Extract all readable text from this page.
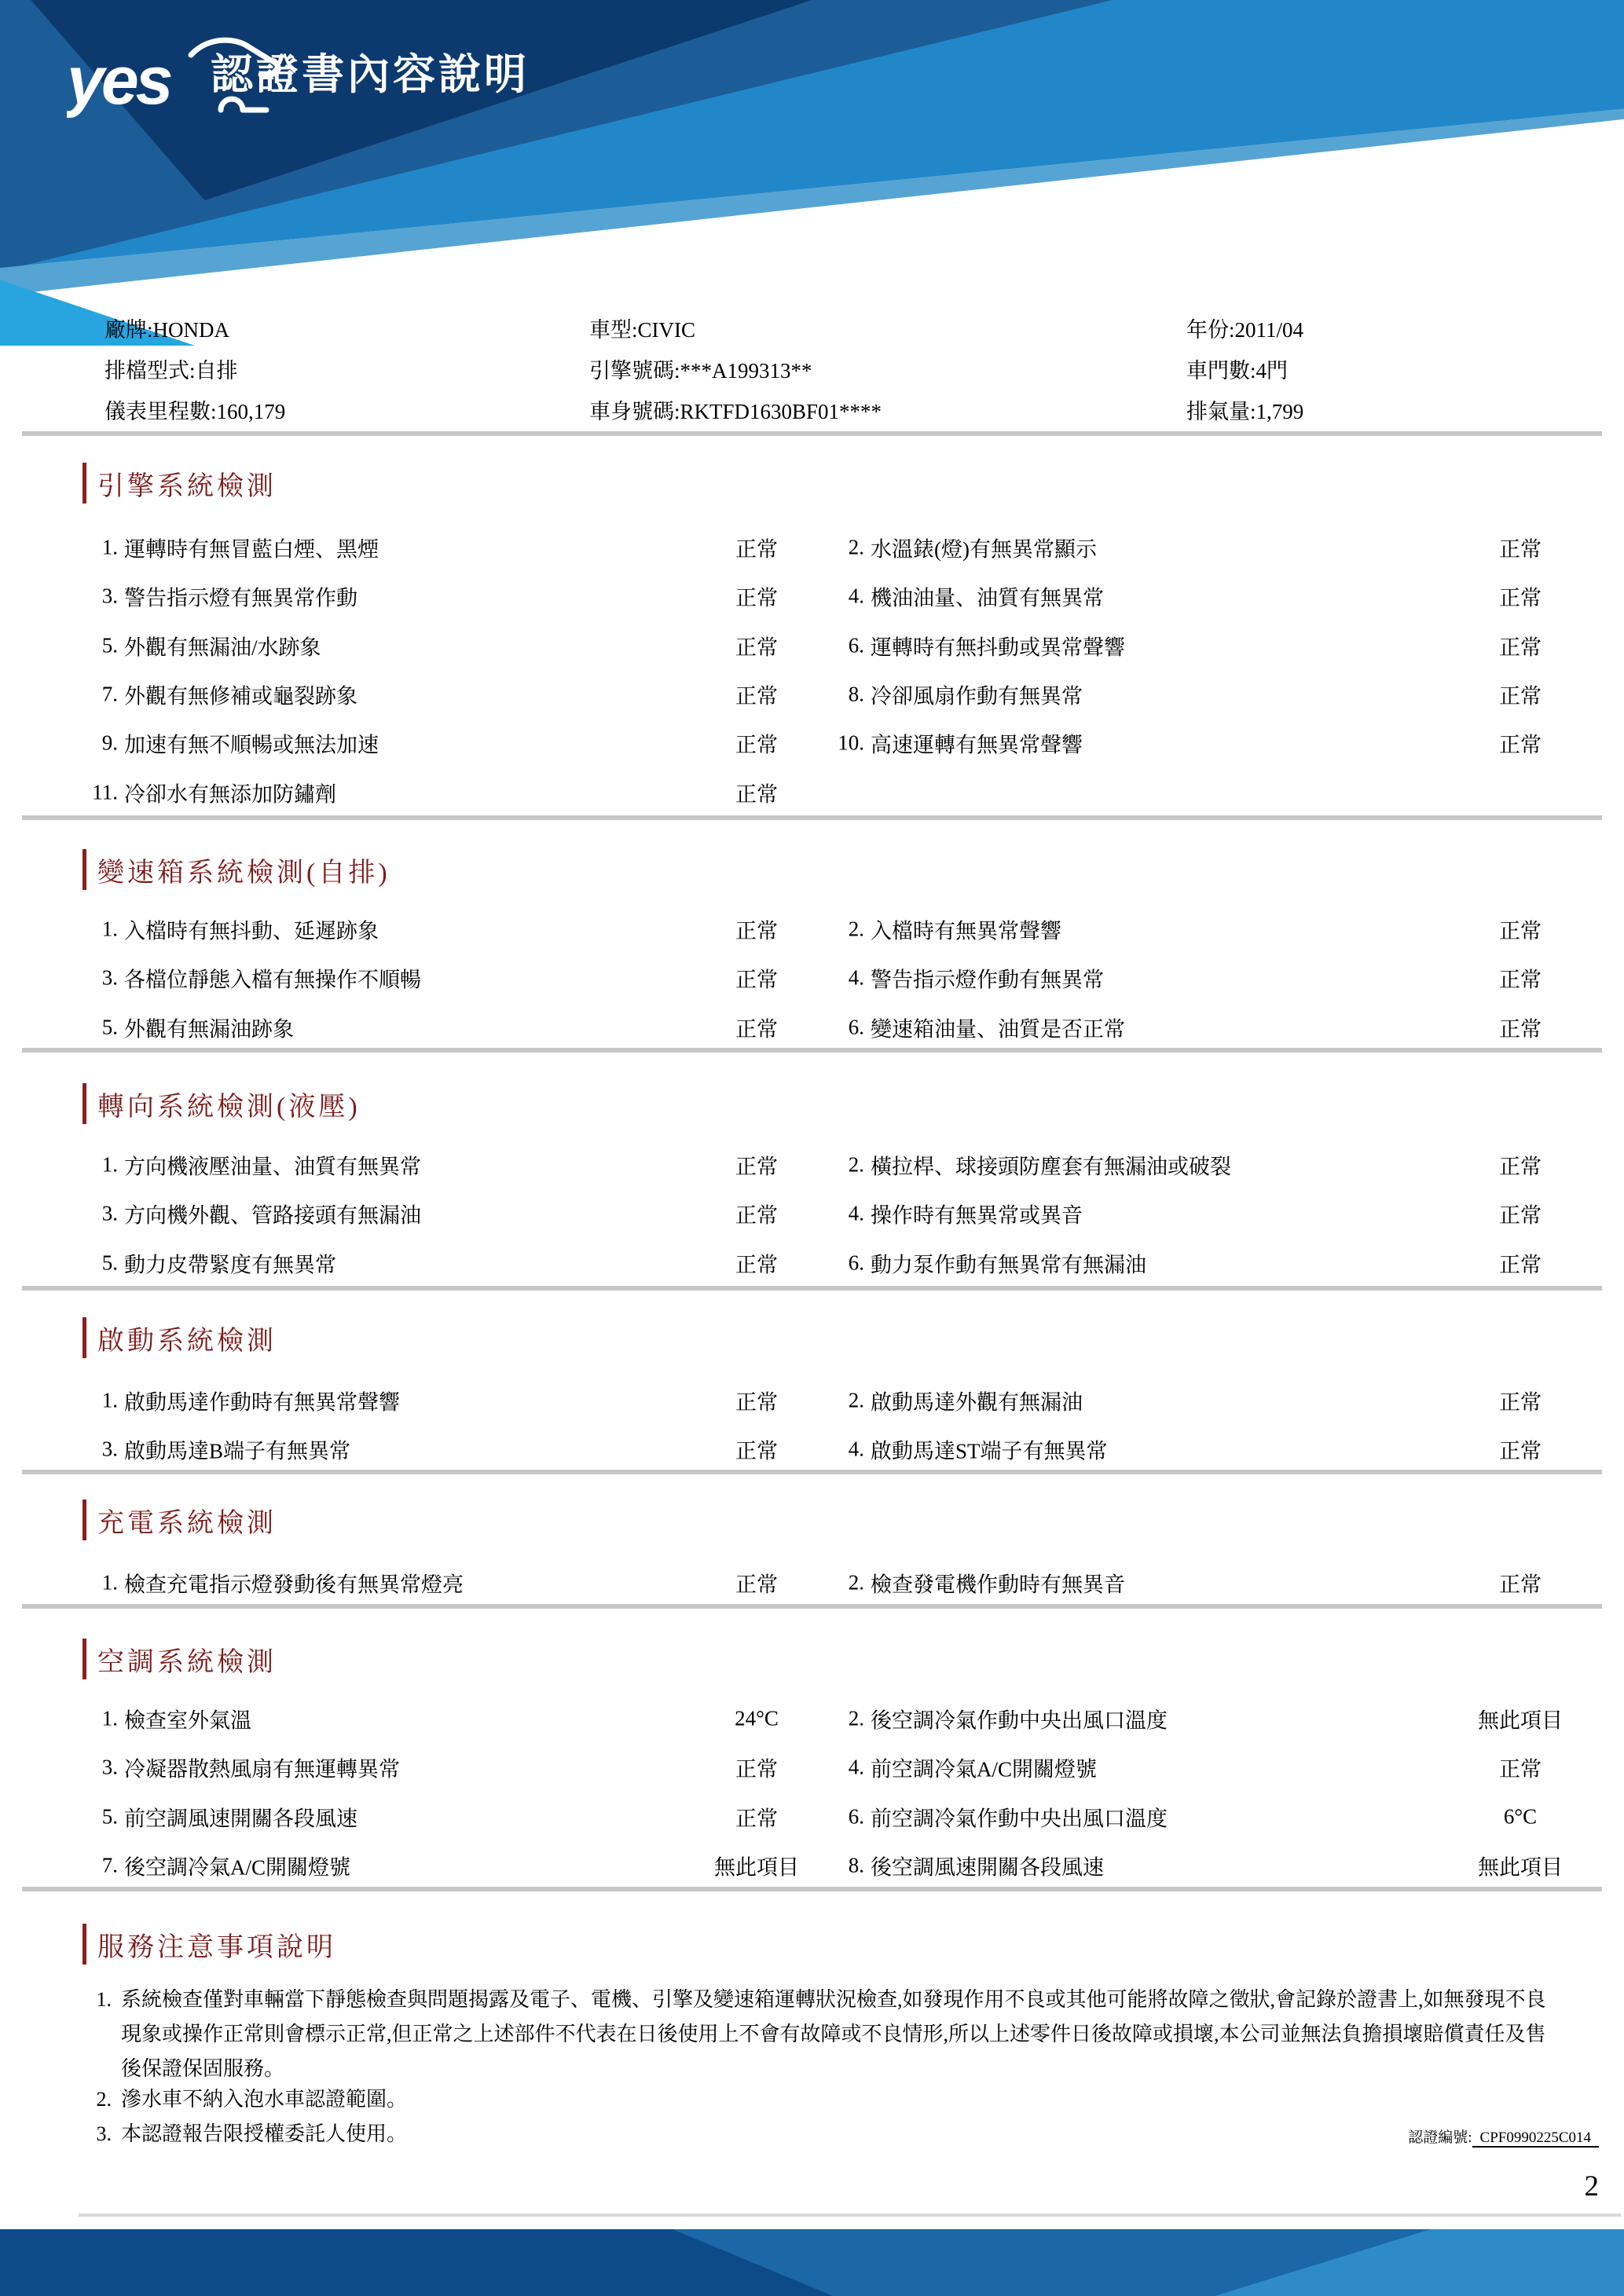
yes 認證書內容說明
廠牌:HONDA	車型:CIVIC	年份:2011/04
排檔型式:自排	引擎號碼:***A199313**	車門數:4門
儀表里程數:160,179	車身號碼:RKTFD1630BF01****	排氣量:1,799
引擎系統檢測
1. 運轉時有無冒藍白煙、黑煙	正常	2. 水溫錶(燈)有無異常顯示	正常
3. 警告指示燈有無異常作動	正常	4. 機油油量、油質有無異常	正常
5. 外觀有無漏油/水跡象	正常	6. 運轉時有無抖動或異常聲響	正常
7. 外觀有無修補或龜裂跡象	正常	8. 冷卻風扇作動有無異常	正常
9. 加速有無不順暢或無法加速	正常	10. 高速運轉有無異常聲響	正常
11. 冷卻水有無添加防鏽劑	正常
變速箱系統檢測(自排)
1. 入檔時有無抖動、延遲跡象	正常	2. 入檔時有無異常聲響	正常
3. 各檔位靜態入檔有無操作不順暢	正常	4. 警告指示燈作動有無異常	正常
5. 外觀有無漏油跡象	正常	6. 變速箱油量、油質是否正常	正常
轉向系統檢測(液壓)
1. 方向機液壓油量、油質有無異常	正常	2. 橫拉桿、球接頭防塵套有無漏油或破裂	正常
3. 方向機外觀、管路接頭有無漏油	正常	4. 操作時有無異常或異音	正常
5. 動力皮帶緊度有無異常	正常	6. 動力泵作動有無異常有無漏油	正常
啟動系統檢測
1. 啟動馬達作動時有無異常聲響	正常	2. 啟動馬達外觀有無漏油	正常
3. 啟動馬達B端子有無異常	正常	4. 啟動馬達ST端子有無異常	正常
充電系統檢測
1. 檢查充電指示燈發動後有無異常燈亮	正常	2. 檢查發電機作動時有無異音	正常
空調系統檢測
1. 檢查室外氣溫	24°C	2. 後空調冷氣作動中央出風口溫度	無此項目
3. 冷凝器散熱風扇有無運轉異常	正常	4. 前空調冷氣A/C開關燈號	正常
5. 前空調風速開關各段風速	正常	6. 前空調冷氣作動中央出風口溫度	6°C
7. 後空調冷氣A/C開關燈號	無此項目	8. 後空調風速開關各段風速	無此項目
服務注意事項說明
1. 系統檢查僅對車輛當下靜態檢查與問題揭露及電子、電機、引擎及變速箱運轉狀況檢查,如發現作用不良或其他可能將故障之徵狀,會記錄於證書上,如無發現不良現象或操作正常則會標示正常,但正常之上述部件不代表在日後使用上不會有故障或不良情形,所以上述零件日後故障或損壞,本公司並無法負擔損壞賠償責任及售後保證保固服務。
2. 滲水車不納入泡水車認證範圍。
3. 本認證報告限授權委託人使用。	認證編號: CPF0990225C014
2
